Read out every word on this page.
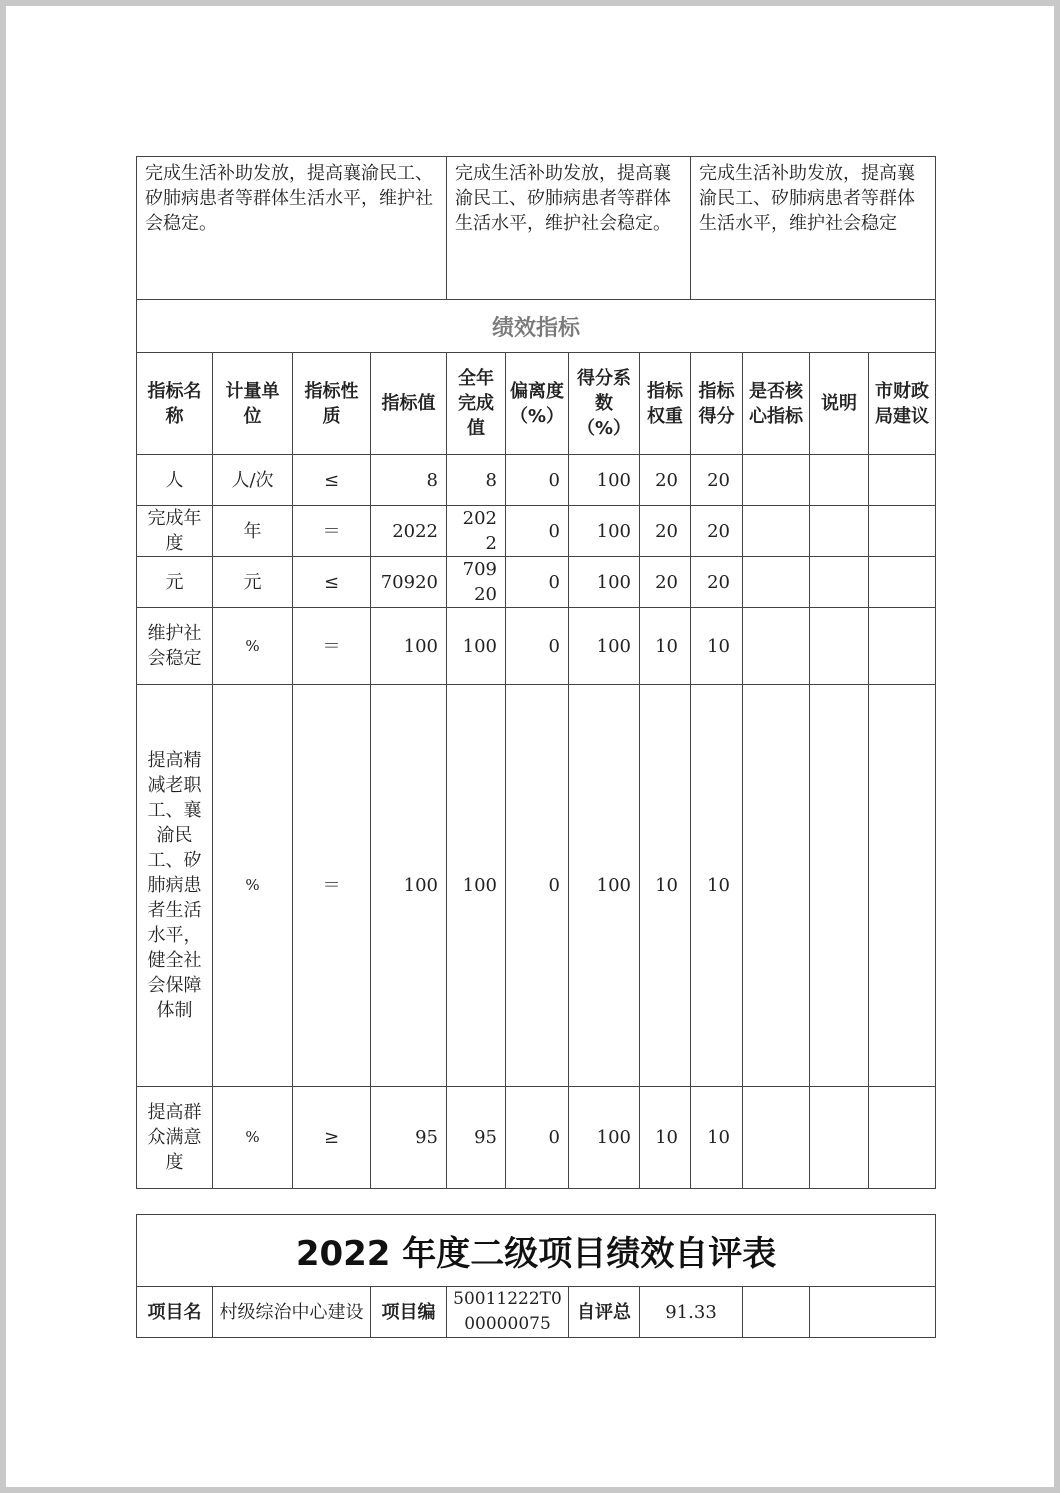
完成生活补助发放，提高襄渝民工、矽肺病患者等群体生活水平，维护社会稳定。				完成生活补助发放，提高襄渝民工、矽肺病患者等群体生活水平，维护社会稳定。				完成生活补助发放，提高襄渝民工、矽肺病患者等群体生活水平，维护社会稳定			
绩效指标											
指标名称	计量单位	指标性质	指标值	全年完成值	偏离度（%）	得分系数（%）	指标权重	指标得分	是否核心指标	说明	市财政局建议
人	人/次	≤	8	8	0	100	20	20			
完成年度	年	＝	2022	2022	0	100	20	20			
元	元	≤	70920	70920	0	100	20	20			
维护社会稳定	%	＝	100	100	0	100	10	10			
提高精减老职工、襄渝民工、矽肺病患者生活水平，健全社会保障体制	%	＝	100	100	0	100	10	10			
提高群众满意度	%	≥	95	95	0	100	10	10			
2022 年度二级项目绩效自评表
项目名	村级综治中心建设	项目编	50011222T000000075	自评总	91.33		
